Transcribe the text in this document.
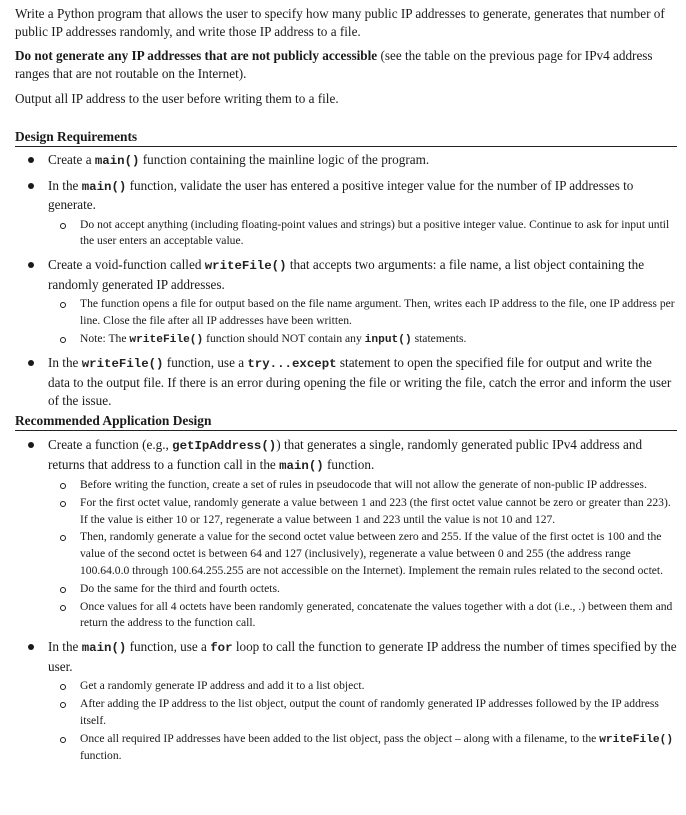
Write a Python program that allows the user to specify how many public IP addresses to generate, generates that number of public IP addresses randomly, and write those IP address to a file.

Do not generate any IP addresses that are not publicly accessible (see the table on the previous page for IPv4 address ranges that are not routable on the Internet).

Output all IP address to the user before writing them to a file.

Design Requirements
Create a main() function containing the mainline logic of the program.
In the main() function, validate the user has entered a positive integer value for the number of IP addresses to generate.
Do not accept anything (including floating-point values and strings) but a positive integer value. Continue to ask for input until the user enters an acceptable value.
Create a void-function called writeFile() that accepts two arguments: a file name, a list object containing the randomly generated IP addresses.
The function opens a file for output based on the file name argument. Then, writes each IP address to the file, one IP address per line. Close the file after all IP addresses have been written.
Note: The writeFile() function should NOT contain any input() statements.
In the writeFile() function, use a try...except statement to open the specified file for output and write the data to the output file. If there is an error during opening the file or writing the file, catch the error and inform the user of the issue.
Recommended Application Design
Create a function (e.g., getIpAddress()) that generates a single, randomly generated public IPv4 address and returns that address to a function call in the main() function.
Before writing the function, create a set of rules in pseudocode that will not allow the generate of non-public IP addresses.
For the first octet value, randomly generate a value between 1 and 223 (the first octet value cannot be zero or greater than 223). If the value is either 10 or 127, regenerate a value between 1 and 223 until the value is not 10 and 127.
Then, randomly generate a value for the second octet value between zero and 255. If the value of the first octet is 100 and the value of the second octet is between 64 and 127 (inclusively), regenerate a value between 0 and 255 (the address range 100.64.0.0 through 100.64.255.255 are not accessible on the Internet). Implement the remain rules related to the second octet.
Do the same for the third and fourth octets.
Once values for all 4 octets have been randomly generated, concatenate the values together with a dot (i.e., .) between them and return the address to the function call.
In the main() function, use a for loop to call the function to generate IP address the number of times specified by the user.
Get a randomly generate IP address and add it to a list object.
After adding the IP address to the list object, output the count of randomly generated IP addresses followed by the IP address itself.
Once all required IP addresses have been added to the list object, pass the object – along with a filename, to the writeFile() function.
